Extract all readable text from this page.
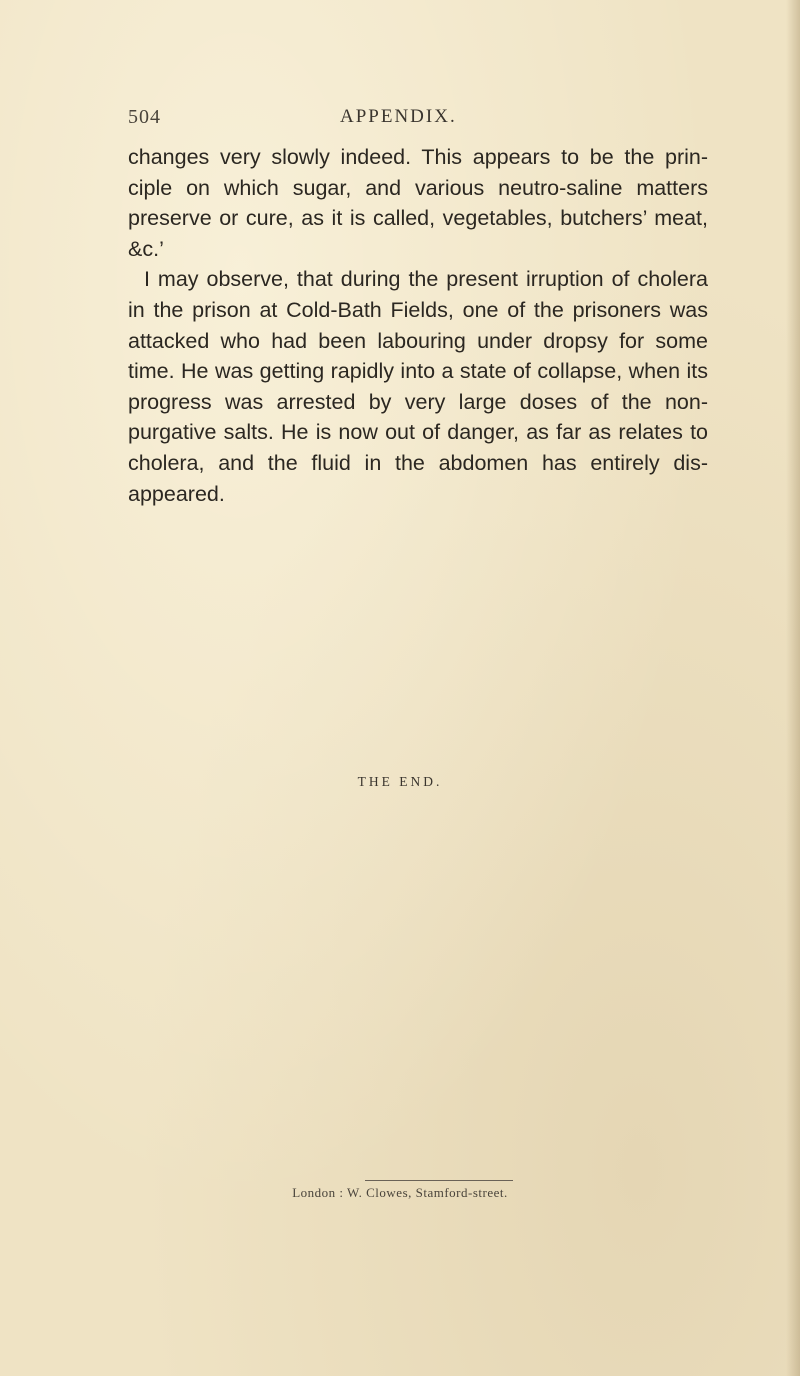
504	APPENDIX.

changes very slowly indeed. This appears to be the prin- ciple on which sugar, and various neutro-saline matters preserve or cure, as it is called, vegetables, butchers’ meat, &c.’

I may observe, that during the present irruption of cholera in the prison at Cold-Bath Fields, one of the prisoners was attacked who had been labouring under dropsy for some time. He was getting rapidly into a state of collapse, when its progress was arrested by very large doses of the non- purgative salts. He is now out of danger, as far as relates to cholera, and the fluid in the abdomen has entirely dis- appeared.

THE END.
London : W. Clowes, Stamford-street.
